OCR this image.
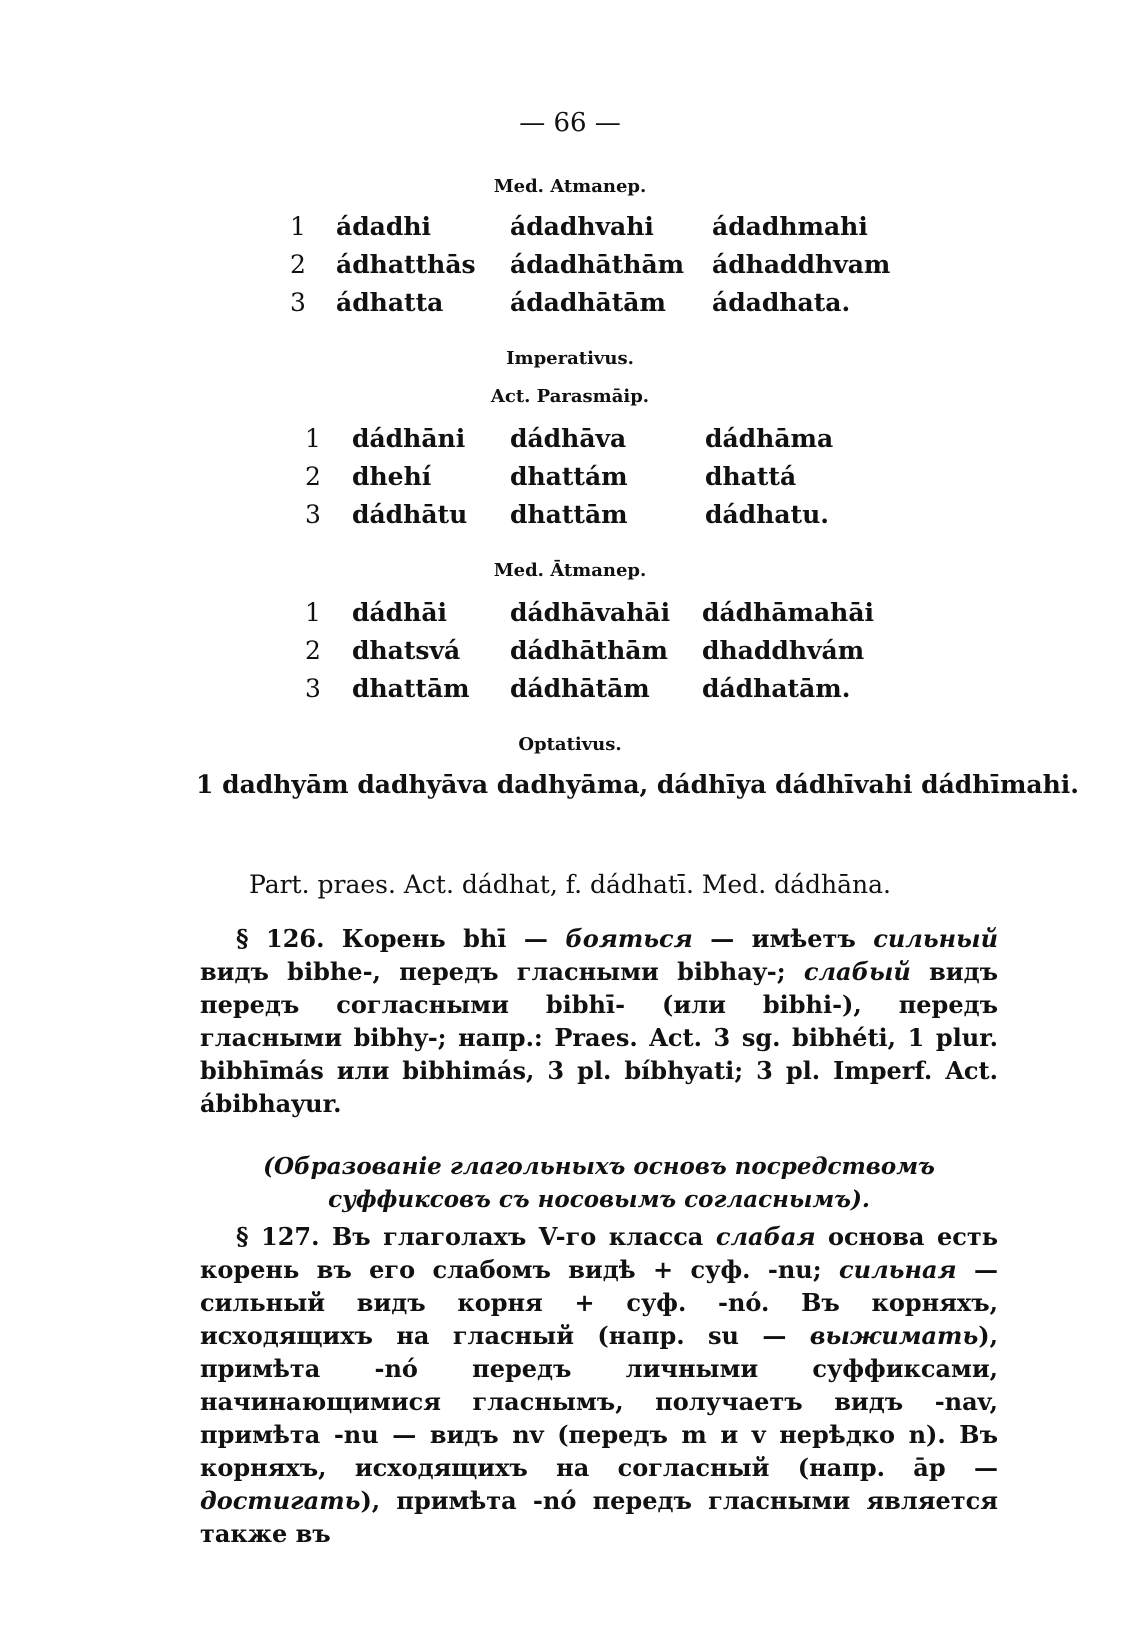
— 66 —
Med. Atmanep.
1 ádadhi	ádadhvahi ádadhmahi
2 ádhatthās ádadhāthām ádhaddhvam
3 ádhatta	ádadhātām ádadhata.
Imperativus.
Act. Parasmāip.
1 dádhāni dádhāva	dádhāma
2 dhehí	dhattám	dhattá
3 dádhātu dhattām	dádhatu.
Med. Ātmanep.
1 dádhāi	dádhāvahāi dádhāmahāi
2 dhatsvá dádhāthām dhaddhvám
3 dhattām dádhātām dádhatām.
Optativus.
1 dadhyām dadhyāva dadhyāma, dádhīya dádhīvahi dádhīmahi.
Part. praes. Act. dádhat, f. dádhatī. Med. dádhāna.
§ 126. Корень bhī — бояться — имѣетъ сильный видъ bibhe-, передъ гласными bibhay-; слабый видъ передъ согласными bibhī- (или bibhi-), передъ гласными bibhy-; напр.: Praes. Act. 3 sg. bibhéti, 1 plur. bibhīmás или bibhimás, 3 pl. bíbhyati; 3 pl. Imperf. Act. ábibhayur.
(Образованіе глагольныхъ основъ посредствомъ суффиксовъ съ носовымъ согласнымъ).
§ 127. Въ глаголахъ V-го класса слабая основа есть корень въ его слабомъ видѣ + суф. -nu; сильная — сильный видъ корня + суф. -nó. Въ корняхъ, исходящихъ на гласный (напр. su — выжимать), примѣта -nó передъ личными суффиксами, начинающимися гласнымъ, получаетъ видъ -nav, примѣта -nu — видъ nv (передъ m и v нерѣдко n). Въ корняхъ, исходящихъ на согласный (напр. āp — достигать), примѣта -nó передъ гласными является также въ
